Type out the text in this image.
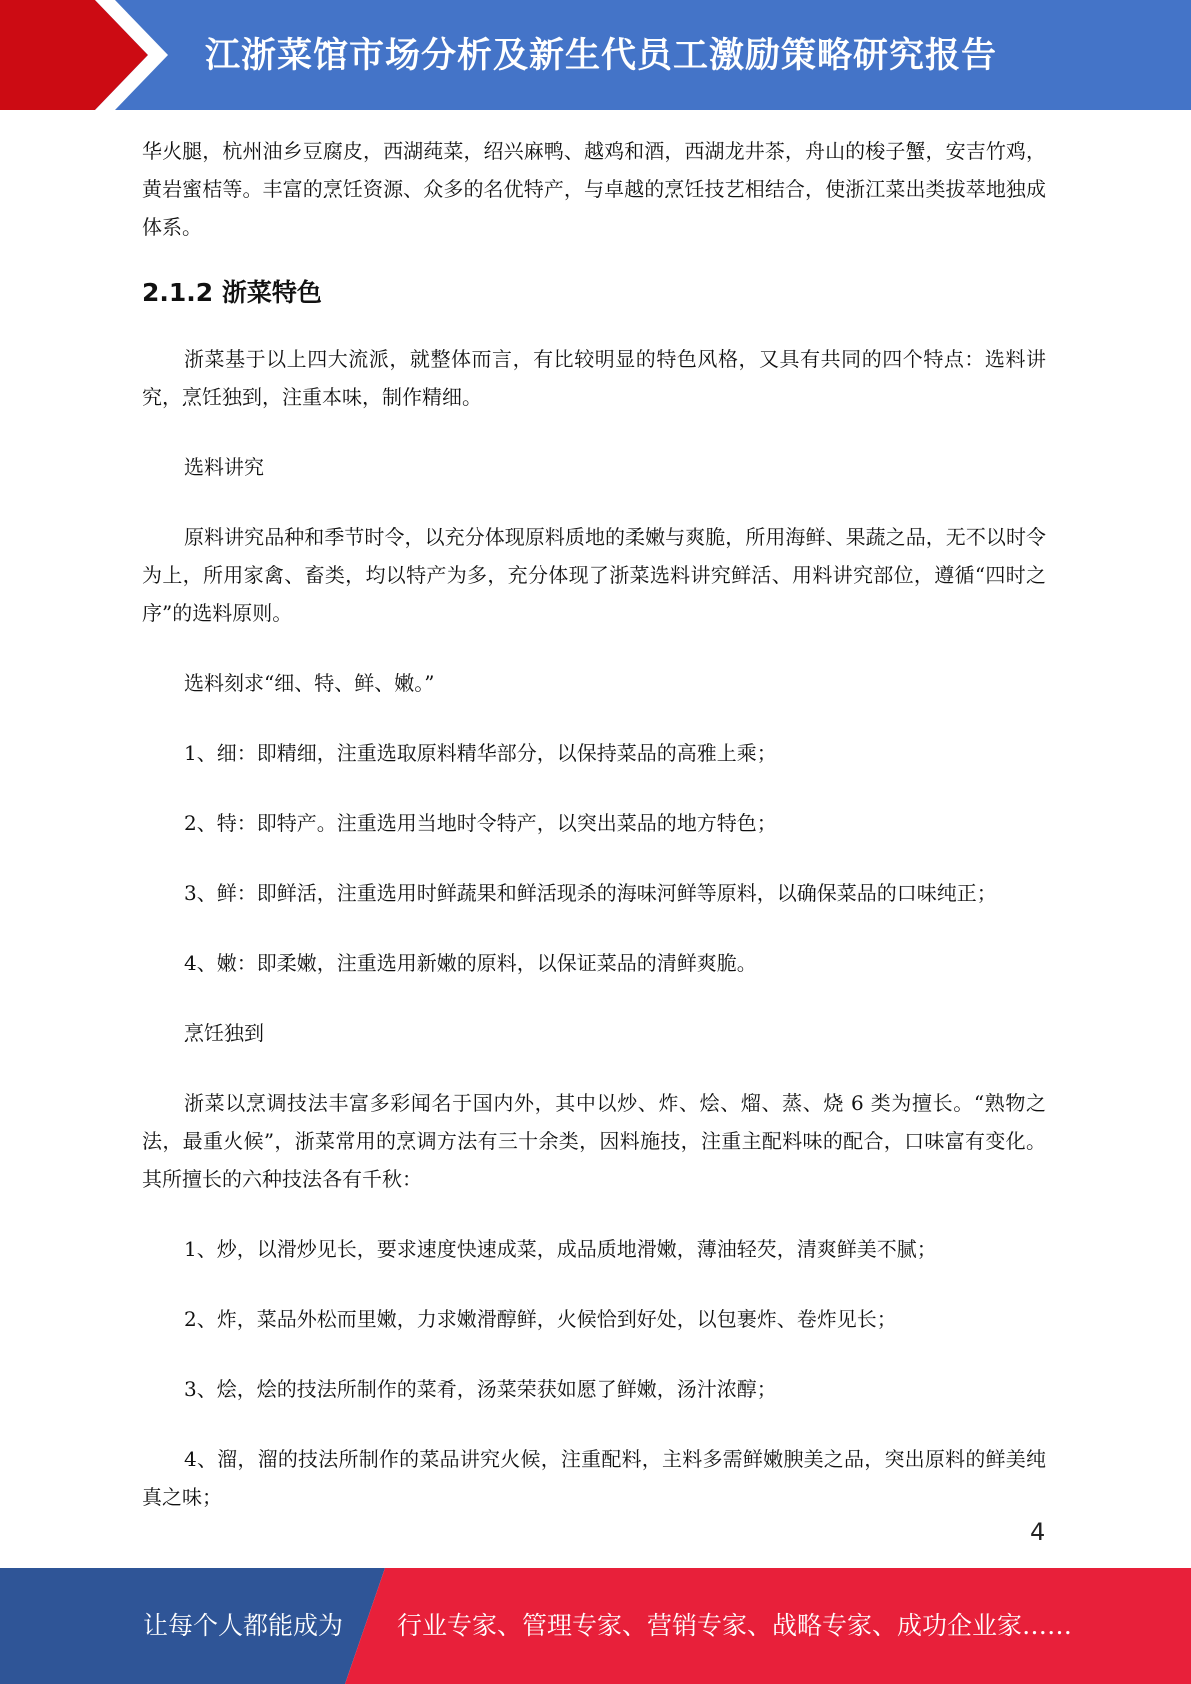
江浙菜馆市场分析及新生代员工激励策略研究报告

华火腿，杭州油乡豆腐皮，西湖莼菜，绍兴麻鸭、越鸡和酒，西湖龙井茶，舟山的梭子蟹，安吉竹鸡，黄岩蜜桔等。丰富的烹饪资源、众多的名优特产，与卓越的烹饪技艺相结合，使浙江菜出类拔萃地独成体系。

2.1.2 浙菜特色

浙菜基于以上四大流派，就整体而言，有比较明显的特色风格，又具有共同的四个特点：选料讲究，烹饪独到，注重本味，制作精细。

选料讲究

原料讲究品种和季节时令，以充分体现原料质地的柔嫩与爽脆，所用海鲜、果蔬之品，无不以时令为上，所用家禽、畜类，均以特产为多，充分体现了浙菜选料讲究鲜活、用料讲究部位，遵循“四时之序”的选料原则。

选料刻求“细、特、鲜、嫩。”

1、细：即精细，注重选取原料精华部分，以保持菜品的高雅上乘；

2、特：即特产。注重选用当地时令特产，以突出菜品的地方特色；

3、鲜：即鲜活，注重选用时鲜蔬果和鲜活现杀的海味河鲜等原料，以确保菜品的口味纯正；

4、嫩：即柔嫩，注重选用新嫩的原料，以保证菜品的清鲜爽脆。

烹饪独到

浙菜以烹调技法丰富多彩闻名于国内外，其中以炒、炸、烩、熘、蒸、烧 6 类为擅长。“熟物之法，最重火候”，浙菜常用的烹调方法有三十余类，因料施技，注重主配料味的配合，口味富有变化。其所擅长的六种技法各有千秋：

1、炒，以滑炒见长，要求速度快速成菜，成品质地滑嫩，薄油轻芡，清爽鲜美不腻；

2、炸，菜品外松而里嫩，力求嫩滑醇鲜，火候恰到好处，以包裹炸、卷炸见长；

3、烩，烩的技法所制作的菜肴，汤菜荣获如愿了鲜嫩，汤汁浓醇；

4、溜，溜的技法所制作的菜品讲究火候，注重配料，主料多需鲜嫩腴美之品，突出原料的鲜美纯真之味；

4
让每个人都能成为 行业专家、管理专家、营销专家、战略专家、成功企业家……
